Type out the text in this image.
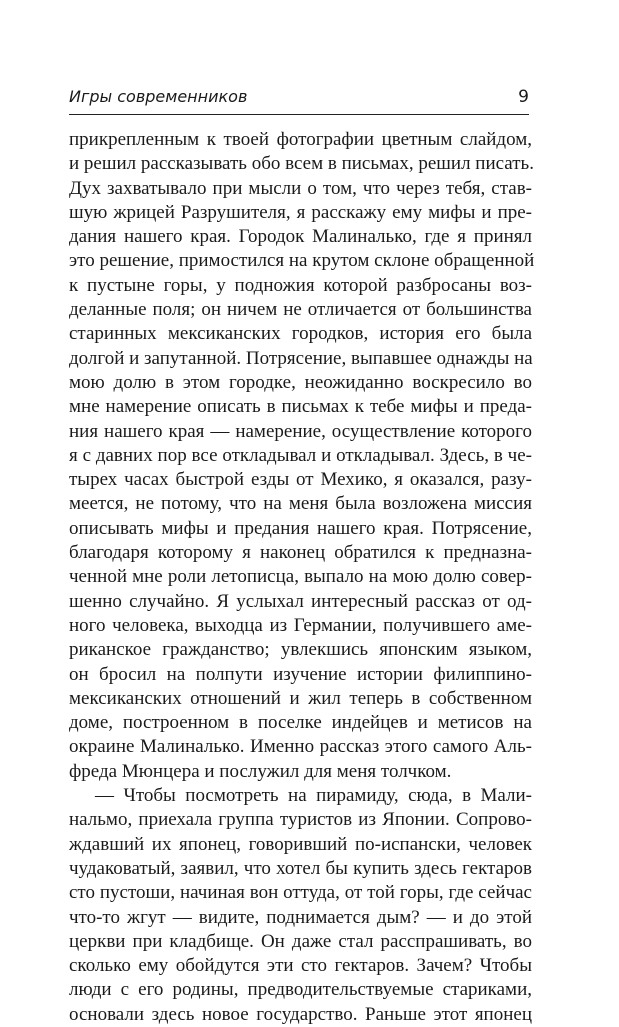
Игры современников	9
прикрепленным к твоей фотографии цветным слайдом,
и решил рассказывать обо всем в письмах, решил писать.
Дух захватывало при мысли о том, что через тебя, став-
шую жрицей Разрушителя, я расскажу ему мифы и пре-
дания нашего края. Городок Малиналько, где я принял
это решение, примостился на крутом склоне обращенной
к пустыне горы, у подножия которой разбросаны воз-
деланные поля; он ничем не отличается от большинства
старинных мексиканских городков, история его была
долгой и запутанной. Потрясение, выпавшее однажды на
мою долю в этом городке, неожиданно воскресило во
мне намерение описать в письмах к тебе мифы и преда-
ния нашего края — намерение, осуществление которого
я с давних пор все откладывал и откладывал. Здесь, в че-
тырех часах быстрой езды от Мехико, я оказался, разу-
меется, не потому, что на меня была возложена миссия
описывать мифы и предания нашего края. Потрясение,
благодаря которому я наконец обратился к предназна-
ченной мне роли летописца, выпало на мою долю совер-
шенно случайно. Я услыхал интересный рассказ от од-
ного человека, выходца из Германии, получившего аме-
риканское гражданство; увлекшись японским языком,
он бросил на полпути изучение истории филиппино-
мексиканских отношений и жил теперь в собственном
доме, построенном в поселке индейцев и метисов на
окраине Малиналько. Именно рассказ этого самого Аль-
фреда Мюнцера и послужил для меня толчком.
— Чтобы посмотреть на пирамиду, сюда, в Мали-
нальмо, приехала группа туристов из Японии. Сопрово-
ждавший их японец, говоривший по-испански, человек
чудаковатый, заявил, что хотел бы купить здесь гектаров
сто пустоши, начиная вон оттуда, от той горы, где сейчас
что-то жгут — видите, поднимается дым? — и до этой
церкви при кладбище. Он даже стал расспрашивать, во
сколько ему обойдутся эти сто гектаров. Зачем? Чтобы
люди с его родины, предводительствуемые стариками,
основали здесь новое государство. Раньше этот японец
